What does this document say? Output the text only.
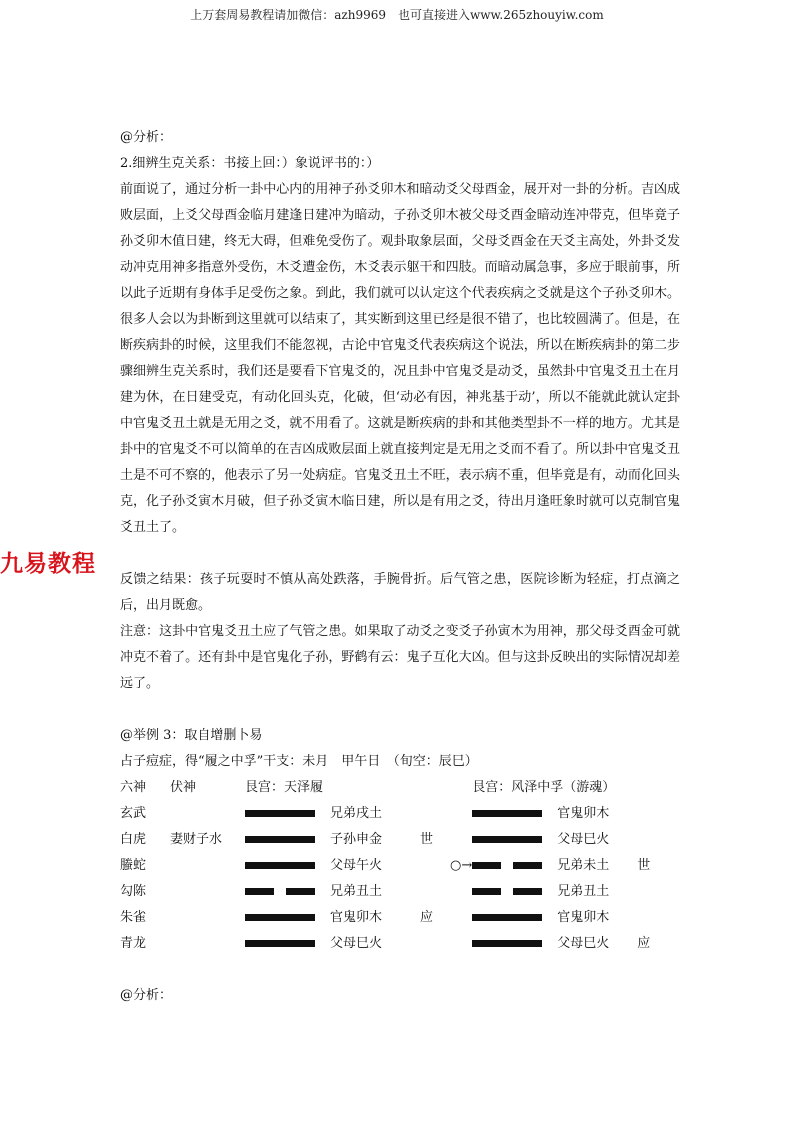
上万套周易教程请加微信：azh9969　也可直接进入www.265zhouyiw.com
九易教程

@分析：

2.细辨生克关系：书接上回：）象说评书的：）

前面说了，通过分析一卦中心内的用神子孙爻卯木和暗动爻父母酉金，展开对一卦的分析。吉凶成败层面，上爻父母酉金临月建逢日建冲为暗动，子孙爻卯木被父母爻酉金暗动连冲带克，但毕竟子孙爻卯木值日建，终无大碍，但难免受伤了。观卦取象层面，父母爻酉金在天爻主高处，外卦爻发动冲克用神多指意外受伤，木爻遭金伤，木爻表示躯干和四肢。而暗动属急事，多应于眼前事，所以此子近期有身体手足受伤之象。到此，我们就可以认定这个代表疾病之爻就是这个子孙爻卯木。很多人会以为卦断到这里就可以结束了，其实断到这里已经是很不错了，也比较圆满了。但是，在断疾病卦的时候，这里我们不能忽视，古论中官鬼爻代表疾病这个说法，所以在断疾病卦的第二步骤细辨生克关系时，我们还是要看下官鬼爻的，况且卦中官鬼爻是动爻，虽然卦中官鬼爻丑土在月建为休，在日建受克，有动化回头克，化破，但‘动必有因，神兆基于动’，所以不能就此就认定卦中官鬼爻丑土就是无用之爻，就不用看了。这就是断疾病的卦和其他类型卦不一样的地方。尤其是卦中的官鬼爻不可以简单的在吉凶成败层面上就直接判定是无用之爻而不看了。所以卦中官鬼爻丑土是不可不察的，他表示了另一处病症。官鬼爻丑土不旺，表示病不重，但毕竟是有，动而化回头克，化子孙爻寅木月破，但子孙爻寅木临日建，所以是有用之爻，待出月逢旺象时就可以克制官鬼爻丑土了。

反馈之结果：孩子玩耍时不慎从高处跌落，手腕骨折。后气管之患，医院诊断为轻症，打点滴之后，出月既愈。

注意：这卦中官鬼爻丑土应了气管之患。如果取了动爻之变爻子孙寅木为用神，那父母爻酉金可就冲克不着了。还有卦中是官鬼化子孙，野鹤有云：鬼子互化大凶。但与这卦反映出的实际情况却差远了。

@举例 3：取自增删卜易

占子痘症，得“履之中孚”干支：未月　甲午日　（旬空：辰巳）

六神	伏神	艮宫：天泽履				艮宫：风泽中孚（游魂）		
玄武			兄弟戌土				官鬼卯木	
白虎	妻财子水		子孙申金	世			父母巳火	
螣蛇			父母午火		○→		兄弟未土	世
勾陈			兄弟丑土				兄弟丑土	
朱雀			官鬼卯木	应			官鬼卯木	
青龙			父母巳火				父母巳火	应

@分析：
